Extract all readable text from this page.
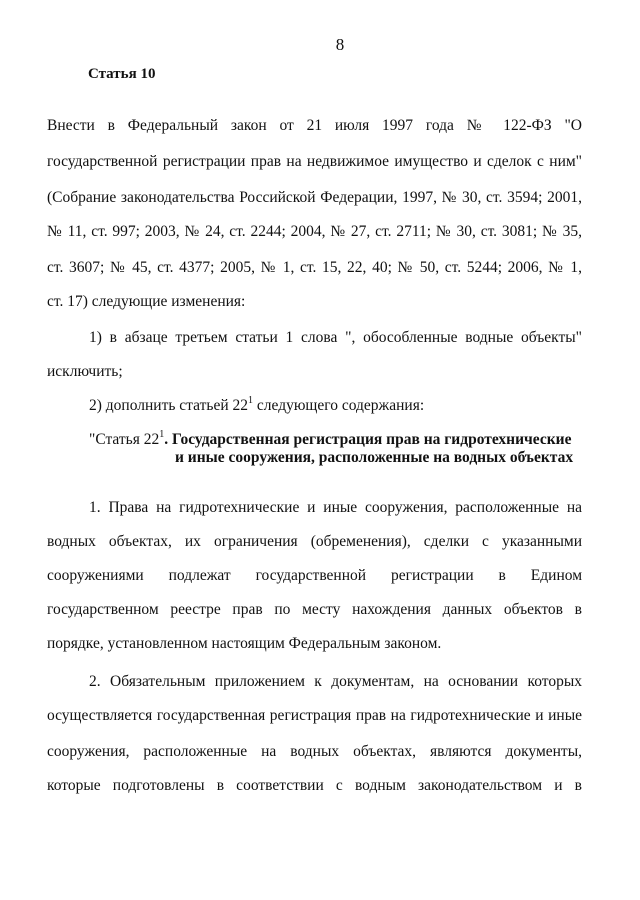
8
Статья 10
Внести в Федеральный закон от 21 июля 1997 года № 122-ФЗ "О
государственной регистрации прав на недвижимое имущество и сделок с ним"
(Собрание законодательства Российской Федерации, 1997, № 30, ст. 3594; 2001,
№ 11, ст. 997; 2003, № 24, ст. 2244; 2004, № 27, ст. 2711; № 30, ст. 3081; № 35,
ст. 3607; № 45, ст. 4377; 2005, № 1, ст. 15, 22, 40; № 50, ст. 5244; 2006, № 1,
ст. 17) следующие изменения:
1) в абзаце третьем статьи 1 слова ", обособленные водные объекты"
исключить;
2) дополнить статьей $22^1$ следующего содержания:
"Статья $22^1$. Государственная регистрация прав на гидротехнические
и иные сооружения, расположенные на водных объектах
1. Права на гидротехнические и иные сооружения, расположенные на
водных объектах, их ограничения (обременения), сделки с указанными
сооружениями подлежат государственной регистрации в Едином
государственном реестре прав по месту нахождения данных объектов в
порядке, установленном настоящим Федеральным законом.
2. Обязательным приложением к документам, на основании которых
осуществляется государственная регистрация прав на гидротехнические и иные
сооружения, расположенные на водных объектах, являются документы,
которые подготовлены в соответствии с водным законодательством и в
